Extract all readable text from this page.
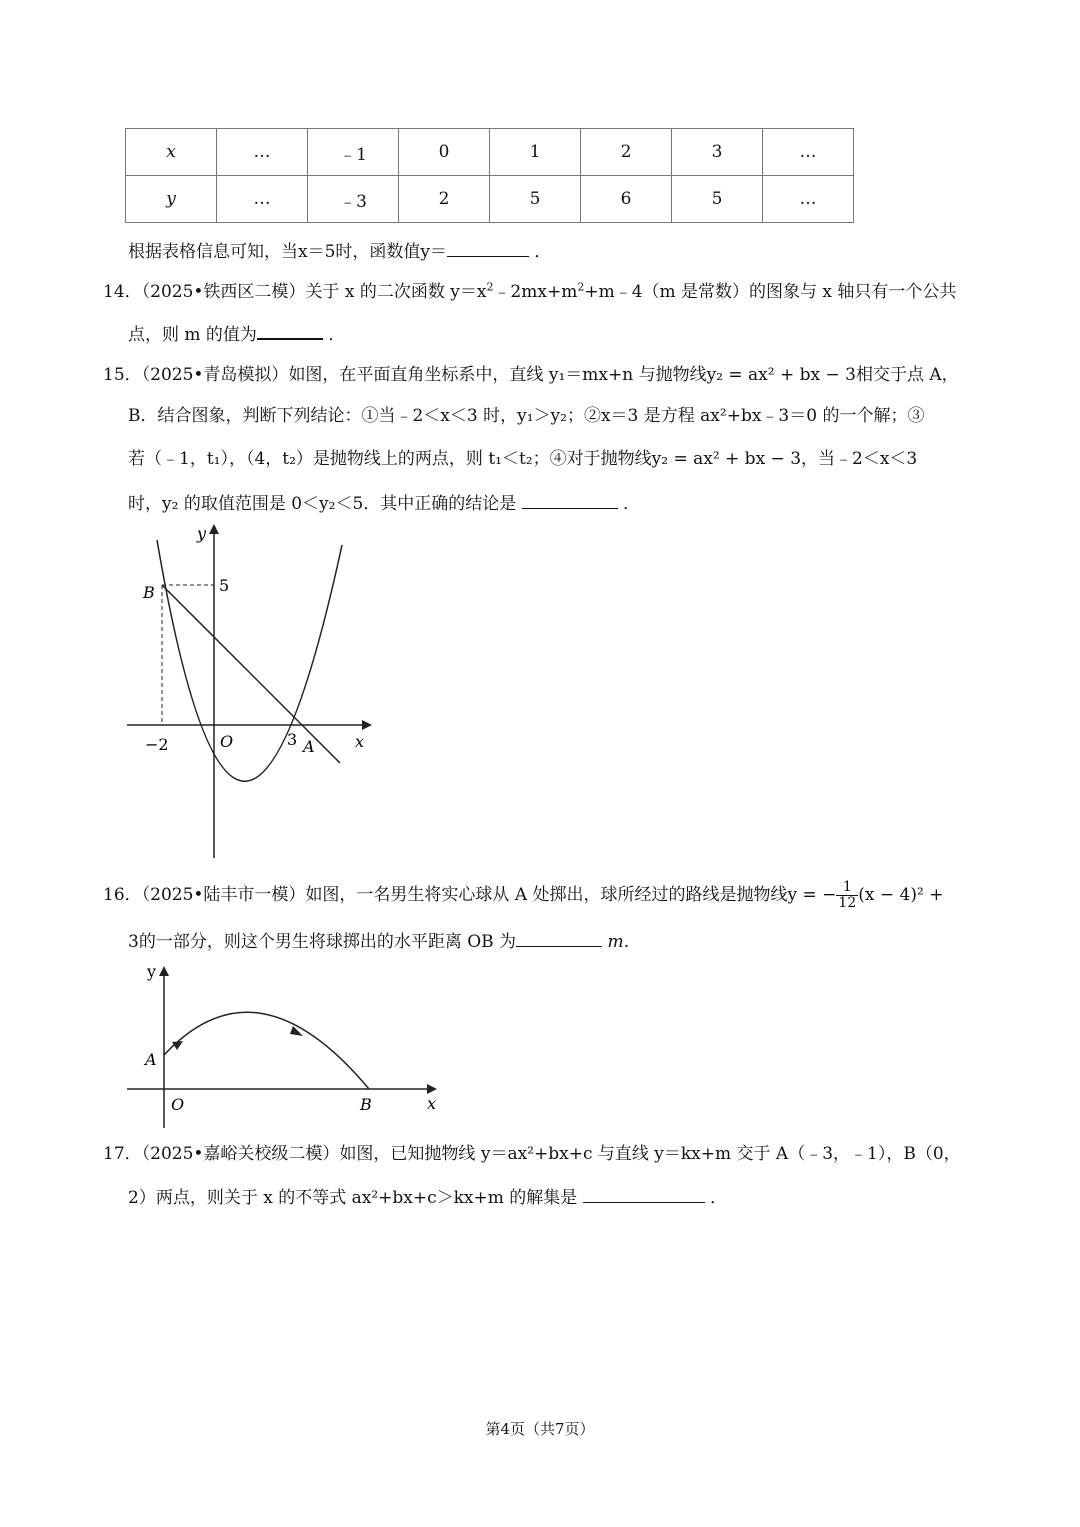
x	…	﹣1	0	1	2	3	…
y	…	﹣3	2	5	6	5	…
根据表格信息可知，当x＝5时，函数值y＝	．
14．（2025•铁西区二模）关于 x 的二次函数 $y=x^2﹣2mx+m^2+m﹣4(m$ 是常数）的图象与 x 轴只有一个公共
点，则 m 的值为	．
15．（2025•青岛模拟）如图，在平面直角坐标系中，直线 y₁＝mx+n 与抛物线y₂ = ax² + bx − 3相交于点 A，
B．结合图象，判断下列结论：①当﹣2＜x＜3 时，y₁＞y₂；②x＝3 是方程 ax²+bx﹣3＝0 的一个解；③
若（﹣1，t₁），（4，t₂）是抛物线上的两点，则 t₁＜t₂；④对于抛物线y₂ = ax² + bx − 3，当﹣2＜x＜3
时，y₂ 的取值范围是 0＜y₂＜5．其中正确的结论是	．
x
y
O	A
B
−2	3
5
16．（2025•陆丰市一模）如图，一名男生将实心球从 A 处掷出，球所经过的路线是抛物线y = − $\frac{1}{12} (x - 4)^2$ +
3的一部分，则这个男生将球掷出的水平距离 OB 为	m．
y
x
O
A
B
17．（2025•嘉峪关校级二模）如图，已知抛物线 y＝ax²+bx+c 与直线 y＝kx+m 交于 A（﹣3，﹣1），B（0，
2）两点，则关于 x 的不等式 ax²+bx+c＞kx+m 的解集是	．
第4页（共7页）
